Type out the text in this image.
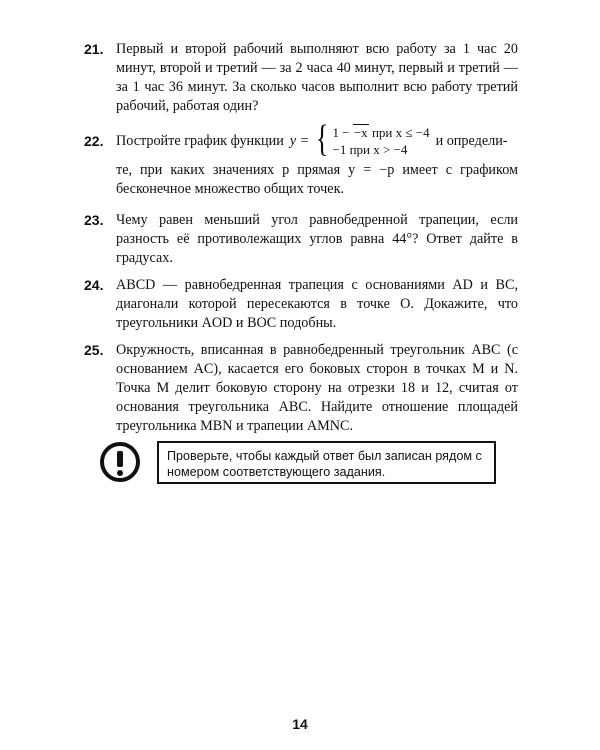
21. Первый и второй рабочий выполняют всю работу за 1 час 20 минут, второй и третий — за 2 часа 40 минут, первый и третий — за 1 час 36 минут. За сколько часов выполнит всю работу третий рабочий, работая один?

22. Постройте график функции y = { 1 − −x при x ≤ −4
−1 при x > −4
и определи-

те, при каких значениях p прямая y = −p имеет с графиком бесконечное множество общих точек.

23. Чему равен меньший угол равнобедренной трапеции, если разность её противолежащих углов равна 44°? Ответ дайте в градусах.

24. ABCD — равнобедренная трапеция с основаниями AD и BC, диагонали которой пересекаются в точке O. Докажите, что треугольники AOD и BOC подобны.

25. Окружность, вписанная в равнобедренный треугольник ABC (с основанием AC), касается его боковых сторон в точках M и N. Точка M делит боковую сторону на отрезки 18 и 12, считая от основания треугольника ABC. Найдите отношение площадей треугольника MBN и трапеции AMNC.

Проверьте, чтобы каждый ответ был записан рядом с номером соответствующего задания.
14
